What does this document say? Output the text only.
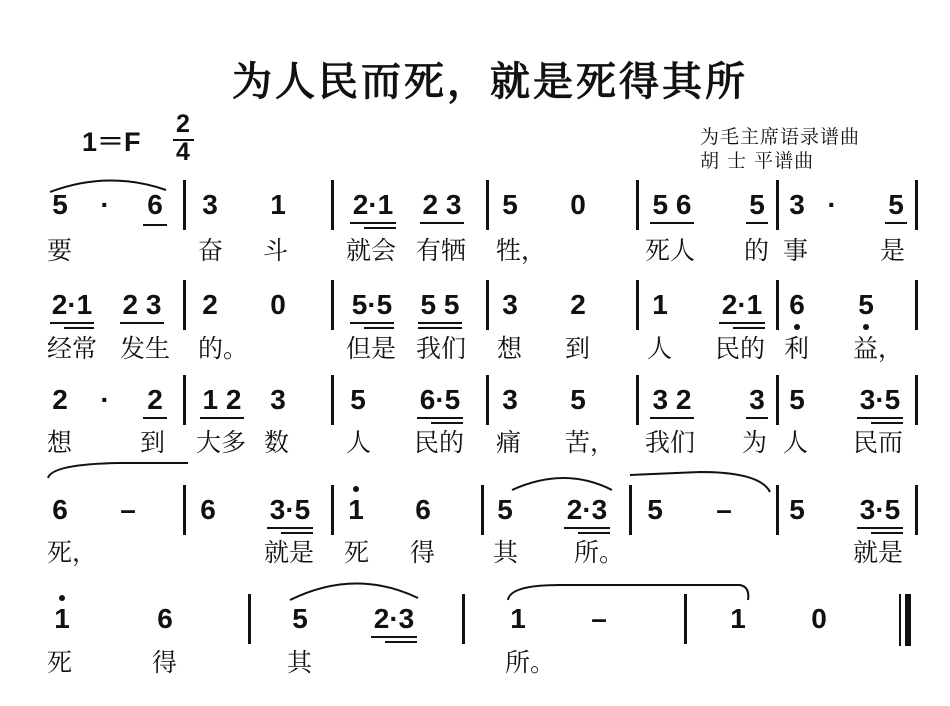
为人民而死，就是死得其所
1＝F
2
4
为毛主席语录谱曲
胡 士 平谱曲
5 · 6 3 1 2·1 2 3 5 0 5 6 5 3 · 5
要	奋 斗 就会 有牺 牲，	死人 的 事	是
2·1 2 3 2 0 5·5 5 5 3 2 1 2·1 6 5
经常 发生 的。	但是 我们 想 到 人 民的 利 益，
2 · 2 1 2 3 5 6·5 3 5 3 2 3 5 3·5
想	到 大多 数 人 民的 痛 苦， 我们 为 人 民而
6 – 6 3·5 1 6 5 2·3 5 – 5 3·5
死，	就是 死 得 其 所。	就是
1	6	5 2·3	1 –	1 0
死	得	其	所。
